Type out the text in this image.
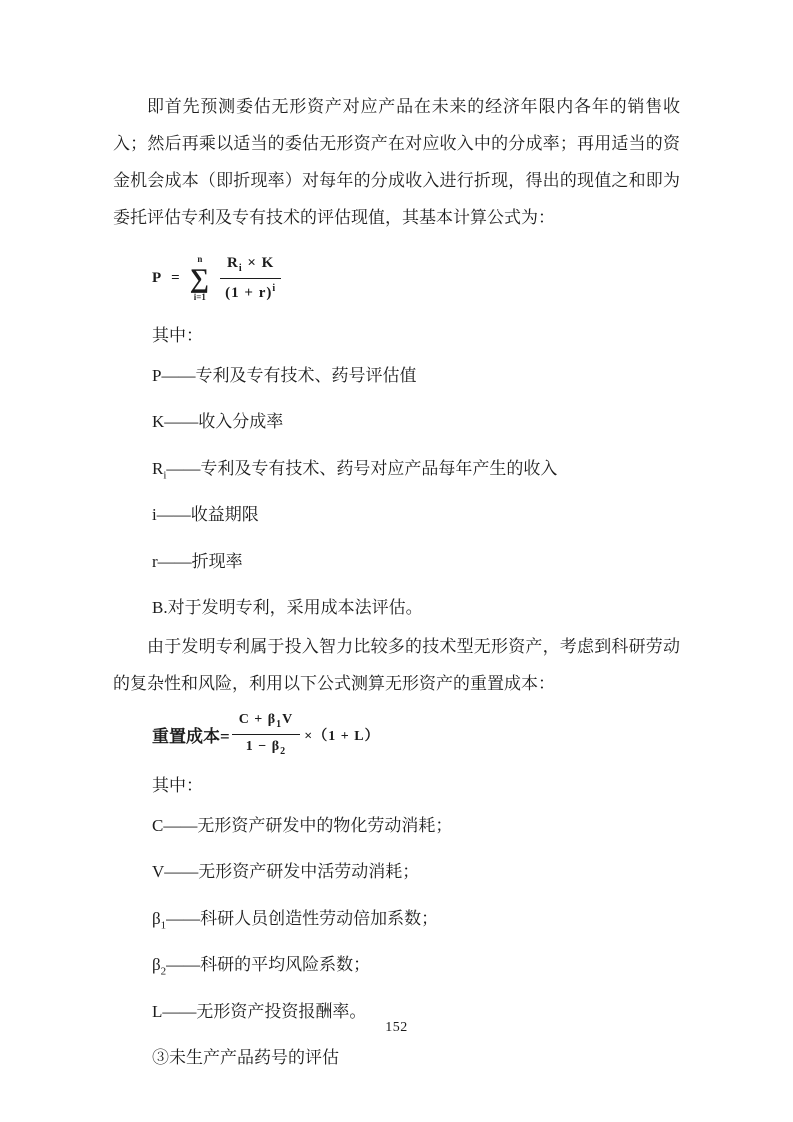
即首先预测委估无形资产对应产品在未来的经济年限内各年的销售收入；然后再乘以适当的委估无形资产在对应收入中的分成率；再用适当的资金机会成本（即折现率）对每年的分成收入进行折现，得出的现值之和即为委托评估专利及专有技术的评估现值，其基本计算公式为：

P =
n
∑
$i=1 \frac{R_i \times K}{(1 + r)^i}$
其中：
P——专利及专有技术、药号评估值
K——收入分成率
$R_i——$专利及专有技术、药号对应产品每年产生的收入
i——收益期限
r——折现率
B.对于发明专利，采用成本法评估。

由于发明专利属于投入智力比较多的技术型无形资产，考虑到科研劳动的复杂性和风险，利用以下公式测算无形资产的重置成本：

重置成本= $\frac{C + \beta_1V}{1 - \beta_2} \times(1 + L)$
其中：
C——无形资产研发中的物化劳动消耗；
V——无形资产研发中活劳动消耗；
$\beta_1——$科研人员创造性劳动倍加系数；
$\beta_2——$科研的平均风险系数；
L——无形资产投资报酬率。
③未生产产品药号的评估
152
